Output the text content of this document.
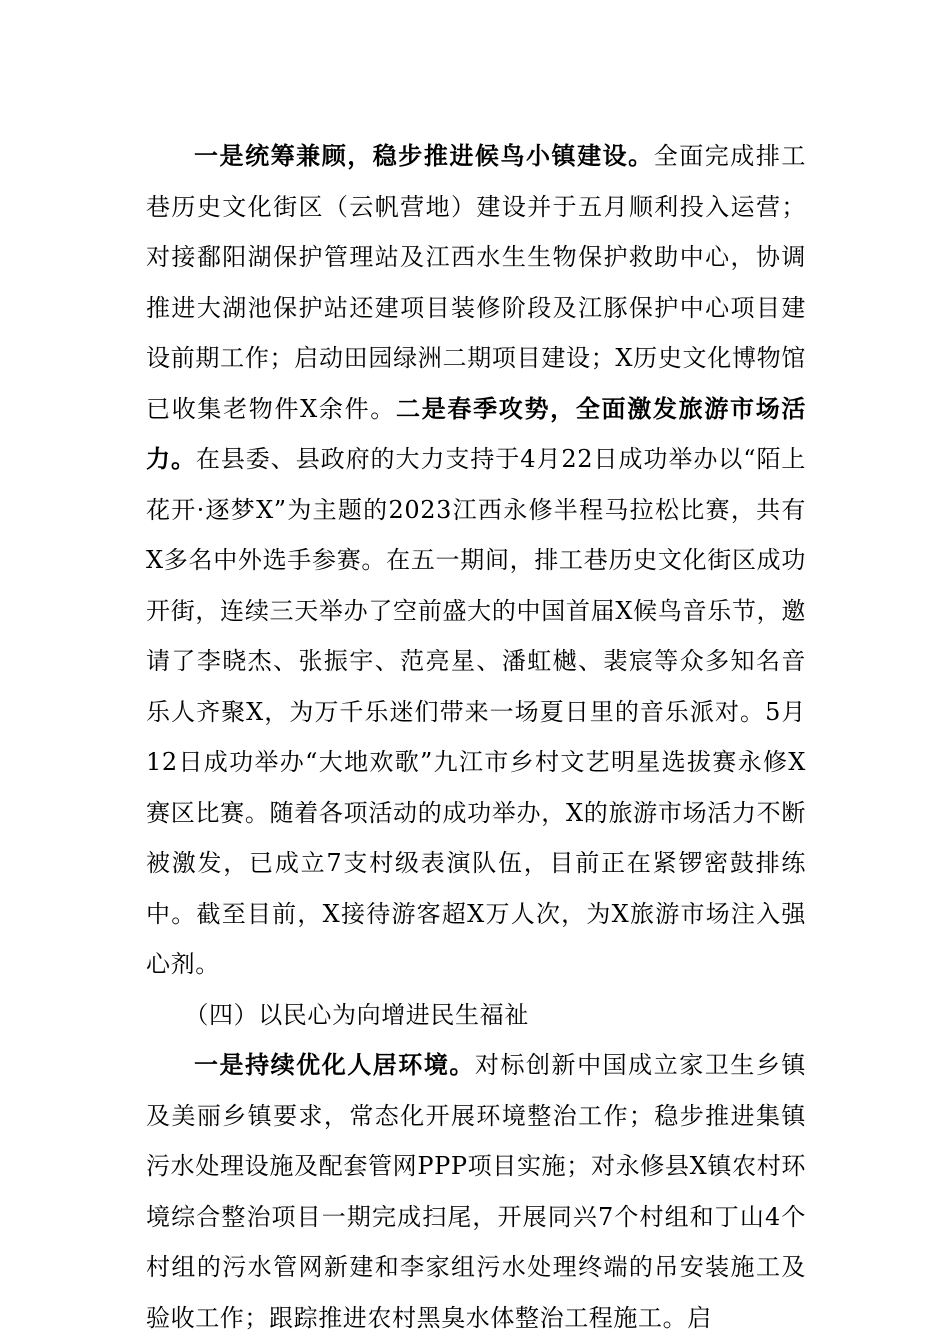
一是统筹兼顾，稳步推进候鸟小镇建设。全面完成排工巷历史文化街区（云帆营地）建设并于五月顺利投入运营；对接鄱阳湖保护管理站及江西水生生物保护救助中心，协调推进大湖池保护站还建项目装修阶段及江豚保护中心项目建设前期工作；启动田园绿洲二期项目建设；X历史文化博物馆已收集老物件X余件。二是春季攻势，全面激发旅游市场活力。在县委、县政府的大力支持于4月22日成功举办以“陌上花开·逐梦X”为主题的2023江西永修半程马拉松比赛，共有X多名中外选手参赛。在五一期间，排工巷历史文化街区成功开街，连续三天举办了空前盛大的中国首届X候鸟音乐节，邀请了李晓杰、张振宇、范亮星、潘虹樾、裴宸等众多知名音乐人齐聚X，为万千乐迷们带来一场夏日里的音乐派对。5月12日成功举办“大地欢歌”九江市乡村文艺明星选拔赛永修X赛区比赛。随着各项活动的成功举办，X的旅游市场活力不断被激发，已成立7支村级表演队伍，目前正在紧锣密鼓排练中。截至目前，X接待游客超X万人次，为X旅游市场注入强心剂。

（四）以民心为向增进民生福祉

一是持续优化人居环境。对标创新中国成立家卫生乡镇及美丽乡镇要求，常态化开展环境整治工作；稳步推进集镇污水处理设施及配套管网PPP项目实施；对永修县X镇农村环境综合整治项目一期完成扫尾，开展同兴7个村组和丁山4个村组的污水管网新建和李家组污水处理终端的吊安装施工及验收工作；跟踪推进农村黑臭水体整治工程施工。启
